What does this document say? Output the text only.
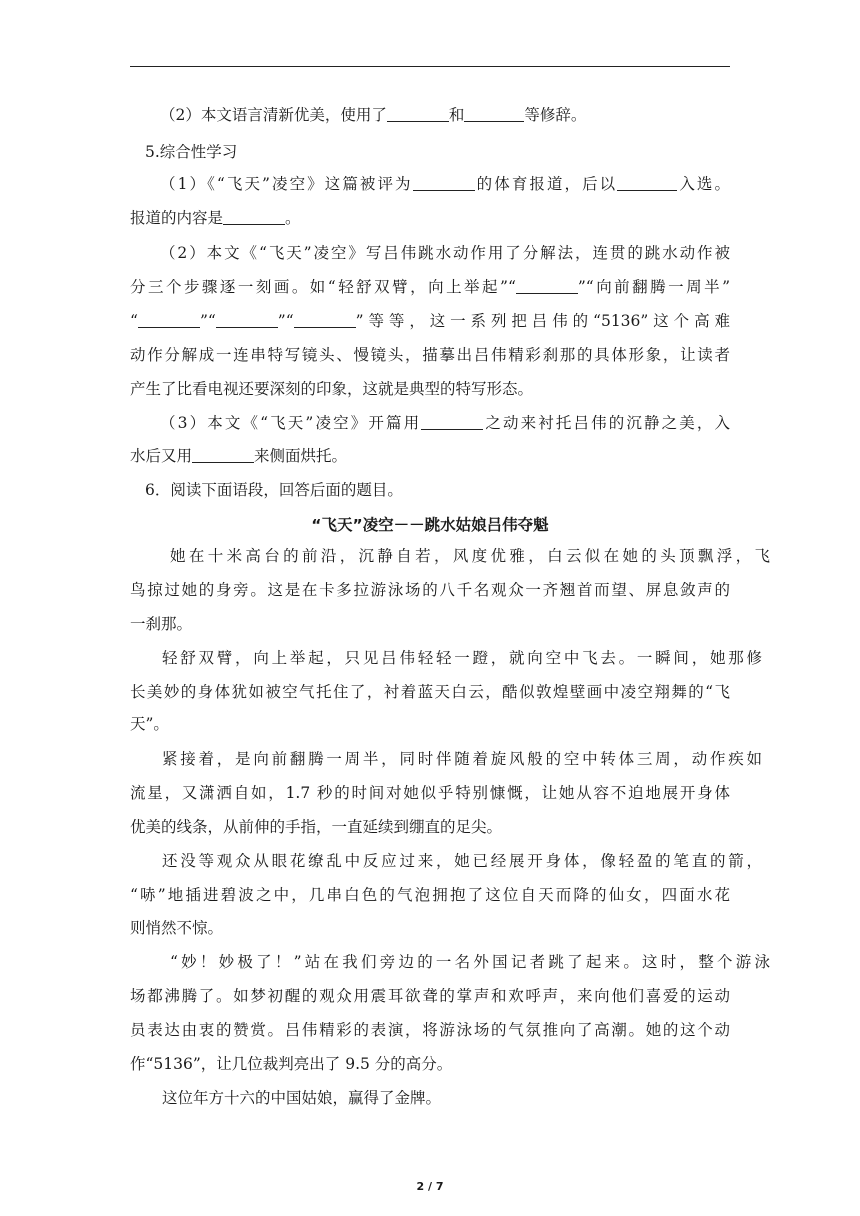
（2）本文语言清新优美，使用了	和	等修辞。
5.综合性学习
（1）《“飞天”凌空》这篇被评为	的体育报道，后以	入选。
报道的内容是	。
（2）本文《“飞天”凌空》写吕伟跳水动作用了分解法，连贯的跳水动作被
分三个步骤逐一刻画。如“轻舒双臂，向上举起”“	”“向前翻腾一周半”
“	”“	”“	”等等，这一系列把吕伟的“5136”这个高难
动作分解成一连串特写镜头、慢镜头，描摹出吕伟精彩刹那的具体形象，让读者
产生了比看电视还要深刻的印象，这就是典型的特写形态。
（3）本文《“飞天”凌空》开篇用	之动来衬托吕伟的沉静之美，入
水后又用	来侧面烘托。
6．阅读下面语段，回答后面的题目。
“飞天”凌空－－跳水姑娘吕伟夺魁
她在十米高台的前沿，沉静自若，风度优雅，白云似在她的头顶飘浮，飞
鸟掠过她的身旁。这是在卡多拉游泳场的八千名观众一齐翘首而望、屏息敛声的
一刹那。
轻舒双臂，向上举起，只见吕伟轻轻一蹬，就向空中飞去。一瞬间，她那修
长美妙的身体犹如被空气托住了，衬着蓝天白云，酷似敦煌壁画中凌空翔舞的“飞
天”。
紧接着，是向前翻腾一周半，同时伴随着旋风般的空中转体三周，动作疾如
流星，又潇洒自如，1.7 秒的时间对她似乎特别慷慨，让她从容不迫地展开身体
优美的线条，从前伸的手指，一直延续到绷直的足尖。
还没等观众从眼花缭乱中反应过来，她已经展开身体，像轻盈的笔直的箭，
“哧”地插进碧波之中，几串白色的气泡拥抱了这位自天而降的仙女，四面水花
则悄然不惊。
“妙！妙极了！”站在我们旁边的一名外国记者跳了起来。这时，整个游泳
场都沸腾了。如梦初醒的观众用震耳欲聋的掌声和欢呼声，来向他们喜爱的运动
员表达由衷的赞赏。吕伟精彩的表演，将游泳场的气氛推向了高潮。她的这个动
作“5136”，让几位裁判亮出了 9.5 分的高分。
这位年方十六的中国姑娘，赢得了金牌。
2 / 7
